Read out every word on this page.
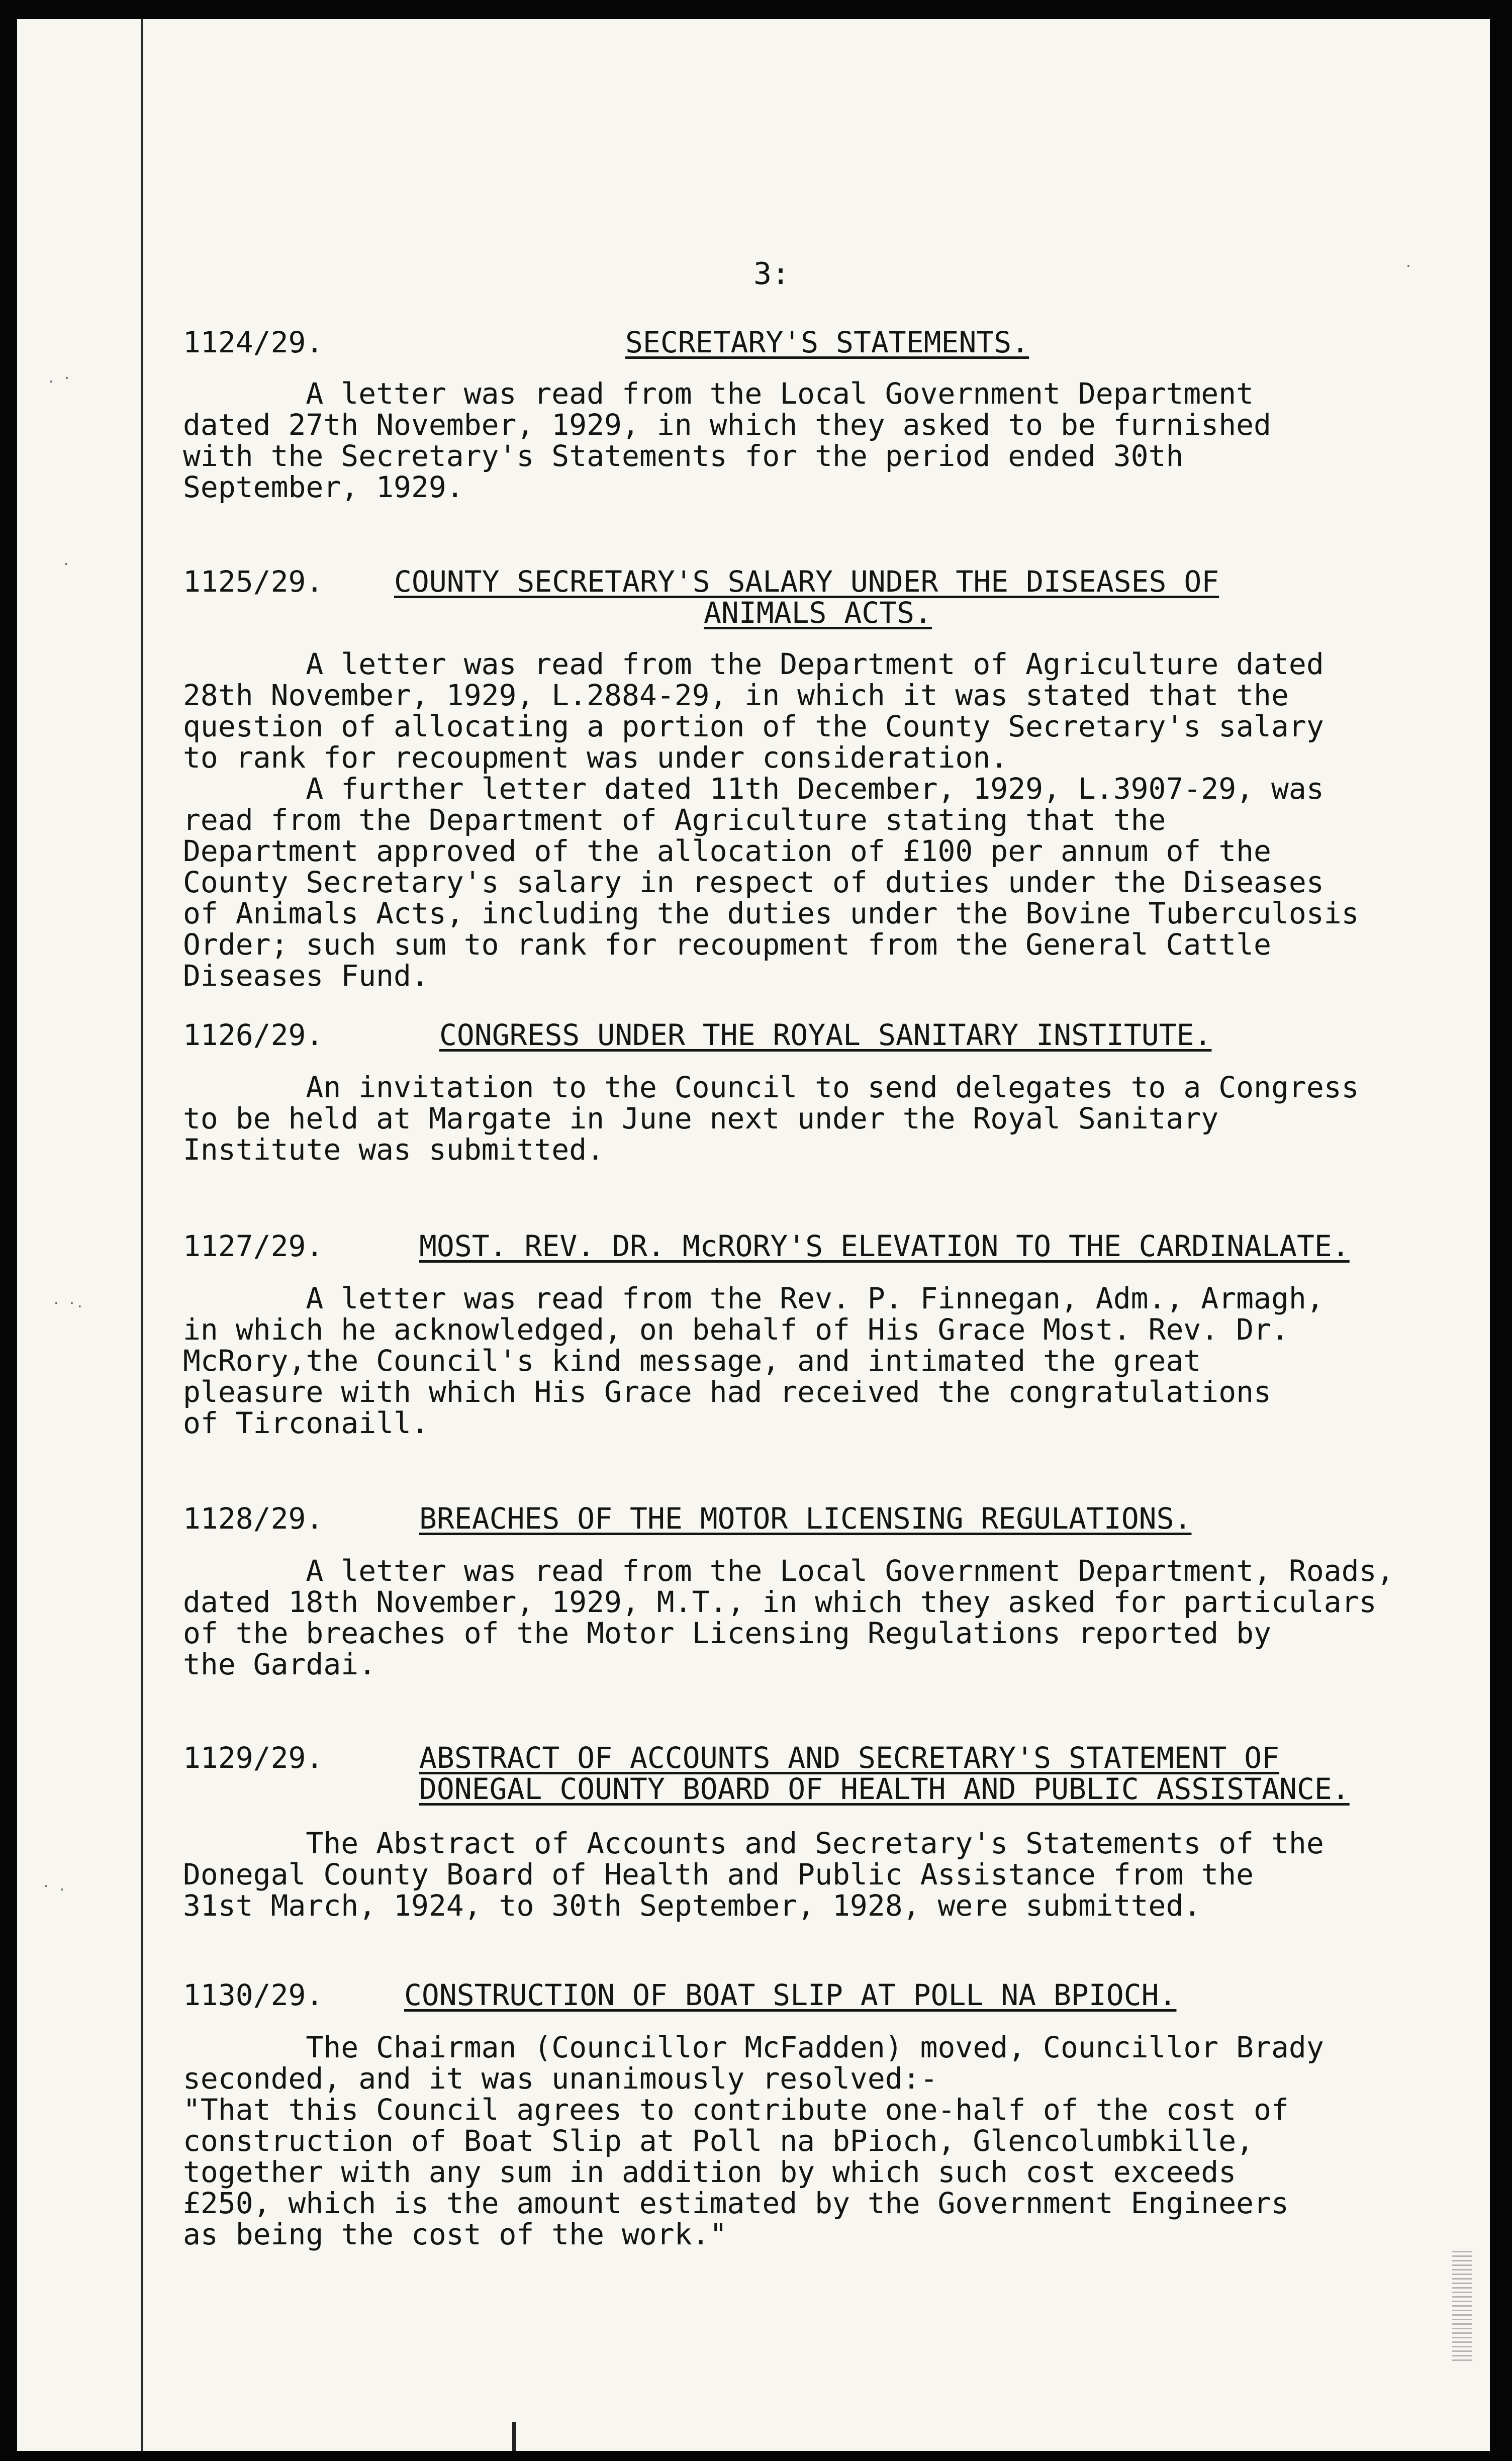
. ·
·
· ·.
· .
.
3:
1124/29.	SECRETARY'S STATEMENTS.

A letter was read from the Local Government Department
dated 27th November, 1929, in which they asked to be furnished
with the Secretary's Statements for the period ended 30th
September, 1929.

1125/29. COUNTY SECRETARY'S SALARY UNDER THE DISEASES OF
ANIMALS ACTS.

A letter was read from the Department of Agriculture dated
28th November, 1929, L.2884-29, in which it was stated that the
question of allocating a portion of the County Secretary's salary
to rank for recoupment was under consideration.

A further letter dated 11th December, 1929, L.3907-29, was
read from the Department of Agriculture stating that the
Department approved of the allocation of £100 per annum of the
County Secretary's salary in respect of duties under the Diseases
of Animals Acts, including the duties under the Bovine Tuberculosis
Order; such sum to rank for recoupment from the General Cattle
Diseases Fund.

1126/29.	CONGRESS UNDER THE ROYAL SANITARY INSTITUTE.

An invitation to the Council to send delegates to a Congress
to be held at Margate in June next under the Royal Sanitary
Institute was submitted.

1127/29.	MOST. REV. DR. McRORY'S ELEVATION TO THE CARDINALATE.

A letter was read from the Rev. P. Finnegan, Adm., Armagh,
in which he acknowledged, on behalf of His Grace Most. Rev. Dr.
McRory,the Council's kind message, and intimated the great
pleasure with which His Grace had received the congratulations
of Tirconaill.

1128/29.	BREACHES OF THE MOTOR LICENSING REGULATIONS.

A letter was read from the Local Government Department, Roads,
dated 18th November, 1929, M.T., in which they asked for particulars
of the breaches of the Motor Licensing Regulations reported by
the Gardai.

1129/29.	ABSTRACT OF ACCOUNTS AND SECRETARY'S STATEMENT OF
DONEGAL COUNTY BOARD OF HEALTH AND PUBLIC ASSISTANCE.

The Abstract of Accounts and Secretary's Statements of the
Donegal County Board of Health and Public Assistance from the
31st March, 1924, to 30th September, 1928, were submitted.

1130/29.	CONSTRUCTION OF BOAT SLIP AT POLL NA BPIOCH.

The Chairman (Councillor McFadden) moved, Councillor Brady
seconded, and it was unanimously resolved:-
"That this Council agrees to contribute one-half of the cost of
construction of Boat Slip at Poll na bPioch, Glencolumbkille,
together with any sum in addition by which such cost exceeds
£250, which is the amount estimated by the Government Engineers
as being the cost of the work."
